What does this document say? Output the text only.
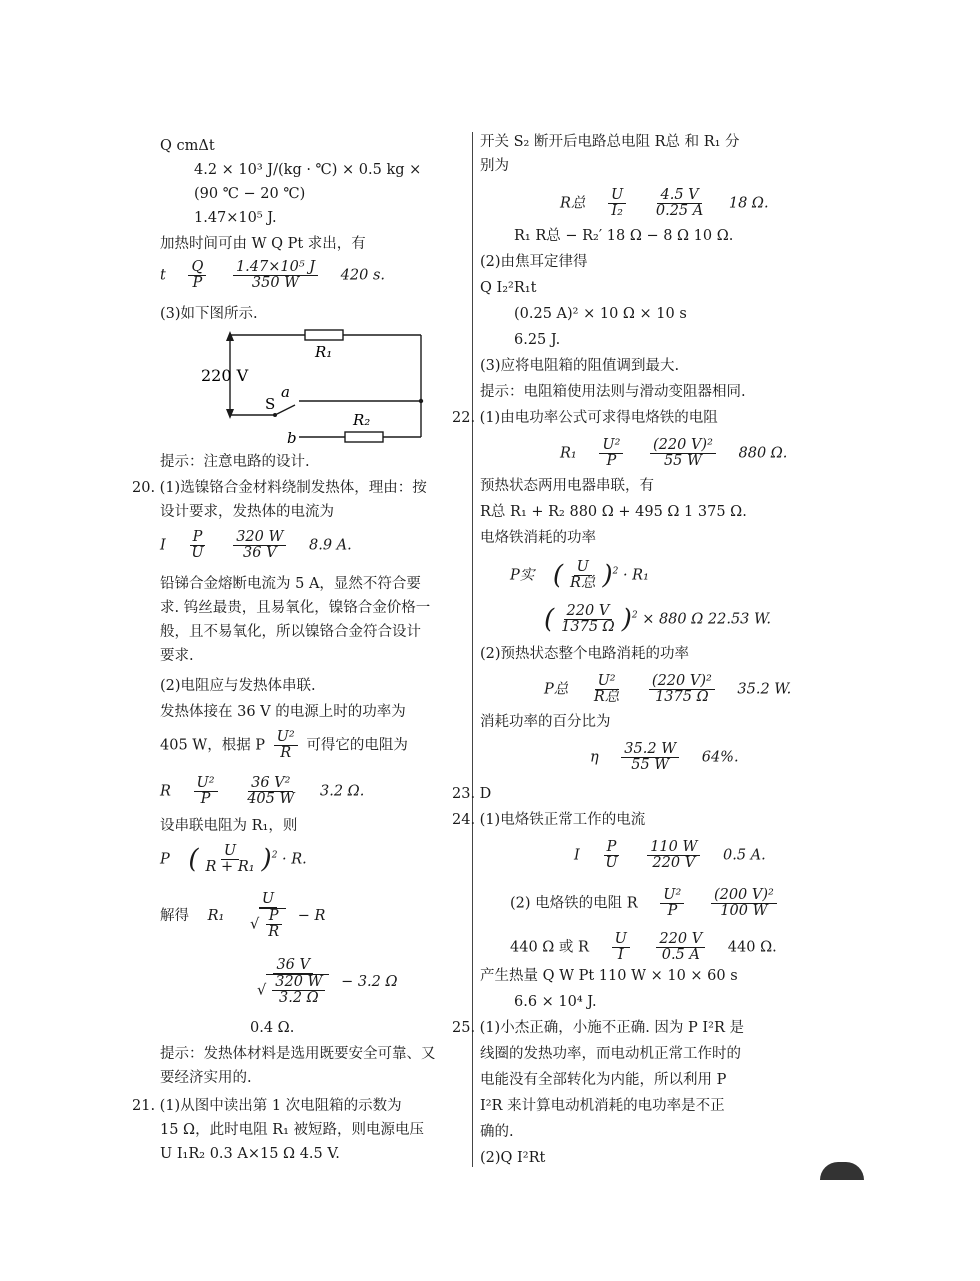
Q cmΔt
4.2 × 10³ J/(kg · ℃) × 0.5 kg ×
(90 ℃ − 20 ℃)
1.47×10⁵ J.
加热时间可由 W Q Pt 求出，有
(3)如下图所示.
提示：注意电路的设计.
20. (1)选镍铬合金材料绕制发热体，理由：按
设计要求，发热体的电流为
铅锑合金熔断电流为 5 A，显然不符合要
求. 钨丝最贵，且易氧化，镍铬合金价格一
般，且不易氧化，所以镍铬合金符合设计
要求.
(2)电阻应与发热体串联.
发热体接在 36 V 的电源上时的功率为
设串联电阻为 R₁，则
0.4 Ω.
提示：发热体材料是选用既要安全可靠、又
要经济实用的.
21. (1)从图中读出第 1 次电阻箱的示数为
15 Ω，此时电阻 R₁ 被短路，则电源电压
U I₁R₂ 0.3 A×15 Ω 4.5 V.
开关 S₂ 断开后电路总电阻 R总 和 R₁ 分
别为
R₁ R总 − R₂′ 18 Ω − 8 Ω 10 Ω.
(2)由焦耳定律得
Q I₂²R₁t
(0.25 A)² × 10 Ω × 10 s
6.25 J.
(3)应将电阻箱的阻值调到最大.
提示：电阻箱使用法则与滑动变阻器相同.
22. (1)由电功率公式可求得电烙铁的电阻
预热状态两用电器串联，有
R总 R₁ + R₂ 880 Ω + 495 Ω 1 375 Ω.
电烙铁消耗的功率
(2)预热状态整个电路消耗的功率
消耗功率的百分比为
23. D
24. (1)电烙铁正常工作的电流
产生热量 Q W Pt 110 W × 10 × 60 s
6.6 × 10⁴ J.
25. (1)小杰正确，小施不正确. 因为 P I²R 是
线圈的发热功率，而电动机正常工作时的
电能没有全部转化为内能，所以利用 P
I²R 来计算电动机消耗的电功率是不正
确的.
(2)Q I²Rt
t $\frac{Q}{P}$
$\frac{\text{1.47×10⁵ J}}{350 W} 420$ s.
I $\frac{P}{U}$
$\frac{320 W}{36 V} 8.9$ A.
405 W，根据 P $\frac{\text{U²}}{R}$ 可得它的电阻为
R $\frac{\text{U²}}{P}$
$\frac{\text{36 V²}}{405 W} 3.2$ Ω.
P ( $\frac{U}{\text{R + R₁}} )^2 \cdot R$.
解得 $R_1 \frac{U}{√ \frac{P}{R}} - R$
$\frac{36 V}{√ \frac{320 W}{3.2 \Omega}} - 3.2$ Ω
R总 $\frac{U}{\text{I₂}}$
$\frac{4.5 V}{0.25 A} 18$ Ω.
$R_1 \frac{\text{U²}}{P}$
$\frac{\text{(220 V)²}}{55 W} 880$ Ω.
P实 ( $\frac{U}{\text{R总}} )^2 \cdot R_1$
( $\frac{220 V}{1375 \Omega} )^2 \times 880$ Ω 22.53 W.
P总 $\frac{\text{U²}}{\text{R总}}$
$\frac{\text{(220 V)²}}{1375 \Omega} 35.2$ W.
η $\frac{35.2 W}{55 W} 64\%$.
I $\frac{P}{U}$
$\frac{110 W}{220 V} 0.5$ A.
(2) 电烙铁的电阻 R $\frac{\text{U²}}{P}$
$\frac{\text{(200 V)²}}{100 W}$
440 Ω 或 R $\frac{U}{I}$
$\frac{220 V}{0.5 A} 440$ Ω.
220 V
R₁
R₂
S
a
b
